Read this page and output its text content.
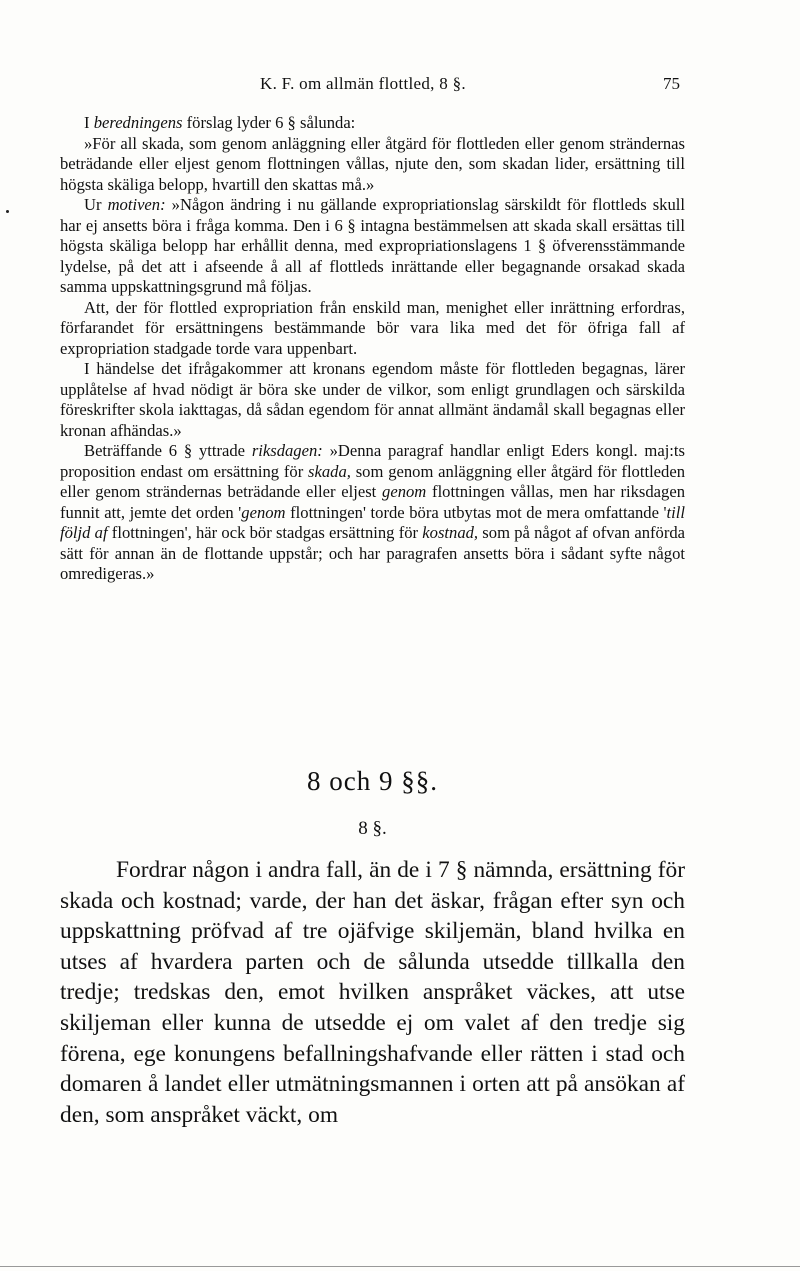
K. F. om allmän flottled, 8 §.	75

I beredningens förslag lyder 6 § sålunda:

»För all skada, som genom anläggning eller åtgärd för flottleden eller genom strändernas beträdande eller eljest genom flottningen vållas, njute den, som skadan lider, ersättning till högsta skäliga belopp, hvartill den skattas må.»

Ur motiven: »Någon ändring i nu gällande expropriationslag särskildt för flottleds skull har ej ansetts böra i fråga komma. Den i 6 § intagna bestämmelsen att skada skall ersättas till högsta skäliga belopp har erhållit denna, med expropriationslagens 1 § öfverensstämmande lydelse, på det att i afseende å all af flottleds inrättande eller begagnande orsakad skada samma uppskattningsgrund må följas.

Att, der för flottled expropriation från enskild man, menighet eller inrättning erfordras, förfarandet för ersättningens bestämmande bör vara lika med det för öfriga fall af expropriation stadgade torde vara uppenbart.

I händelse det ifrågakommer att kronans egendom måste för flottleden begagnas, lärer upplåtelse af hvad nödigt är böra ske under de vilkor, som enligt grundlagen och särskilda föreskrifter skola iakttagas, då sådan egendom för annat allmänt ändamål skall begagnas eller kronan afhändas.»

Beträffande 6 § yttrade riksdagen: »Denna paragraf handlar enligt Eders kongl. maj:ts proposition endast om ersättning för skada, som genom anläggning eller åtgärd för flottleden eller genom strändernas beträdande eller eljest genom flottningen vållas, men har riksdagen funnit att, jemte det orden 'genom flottningen' torde böra utbytas mot de mera omfattande 'till följd af flottningen', här ock bör stadgas ersättning för kostnad, som på något af ofvan anförda sätt för annan än de flottande uppstår; och har paragrafen ansetts böra i sådant syfte något omredigeras.»

8 och 9 §§.
8 §.

Fordrar någon i andra fall, än de i 7 § nämnda, ersättning för skada och kostnad; varde, der han det äskar, frågan efter syn och uppskattning pröfvad af tre ojäfvige skiljemän, bland hvilka en utses af hvardera parten och de sålunda utsedde tillkalla den tredje; tredskas den, emot hvilken anspråket väckes, att utse skiljeman eller kunna de utsedde ej om valet af den tredje sig förena, ege konungens befallningshafvande eller rätten i stad och domaren å landet eller utmätningsmannen i orten att på ansökan af den, som anspråket väckt, om
